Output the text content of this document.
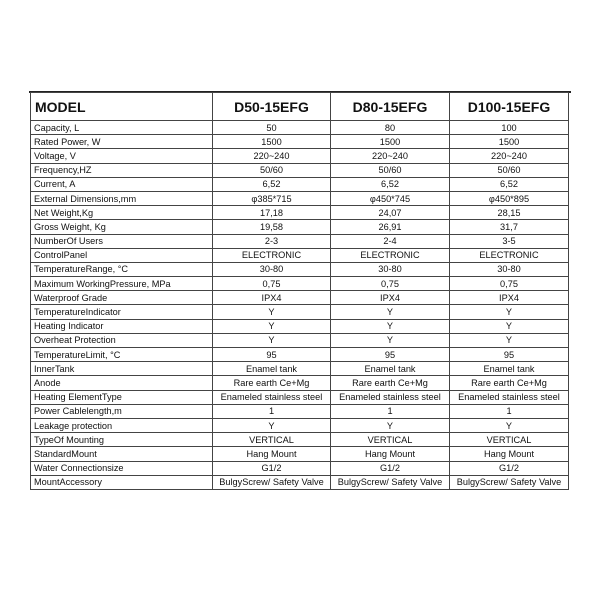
MODEL	D50-15EFG	D80-15EFG	D100-15EFG
Capacity, L	50	80	100
Rated Power, W	1500	1500	1500
Voltage, V	220~240	220~240	220~240
Frequency,HZ	50/60	50/60	50/60
Current, A	6,52	6,52	6,52
External Dimensions,mm	φ385*715	φ450*745	φ450*895
Net Weight,Kg	17,18	24,07	28,15
Gross Weight, Kg	19,58	26,91	31,7
NumberOf Users	2-3	2-4	3-5
ControlPanel	ELECTRONIC	ELECTRONIC	ELECTRONIC
TemperatureRange, °C	30-80	30-80	30-80
Maximum WorkingPressure, MPa	0,75	0,75	0,75
Waterproof Grade	IPX4	IPX4	IPX4
TemperatureIndicator	Y	Y	Y
Heating Indicator	Y	Y	Y
Overheat Protection	Y	Y	Y
TemperatureLimit, °C	95	95	95
InnerTank	Enamel tank	Enamel tank	Enamel tank
Anode	Rare earth Ce+Mg	Rare earth Ce+Mg	Rare earth Ce+Mg
Heating ElementType	Enameled stainless steel	Enameled stainless steel	Enameled stainless steel
Power Cablelength,m	1	1	1
Leakage protection	Y	Y	Y
TypeOf Mounting	VERTICAL	VERTICAL	VERTICAL
StandardMount	Hang Mount	Hang Mount	Hang Mount
Water Connectionsize	G1/2	G1/2	G1/2
MountAccessory	BulgyScrew/ Safety Valve	BulgyScrew/ Safety Valve	BulgyScrew/ Safety Valve
